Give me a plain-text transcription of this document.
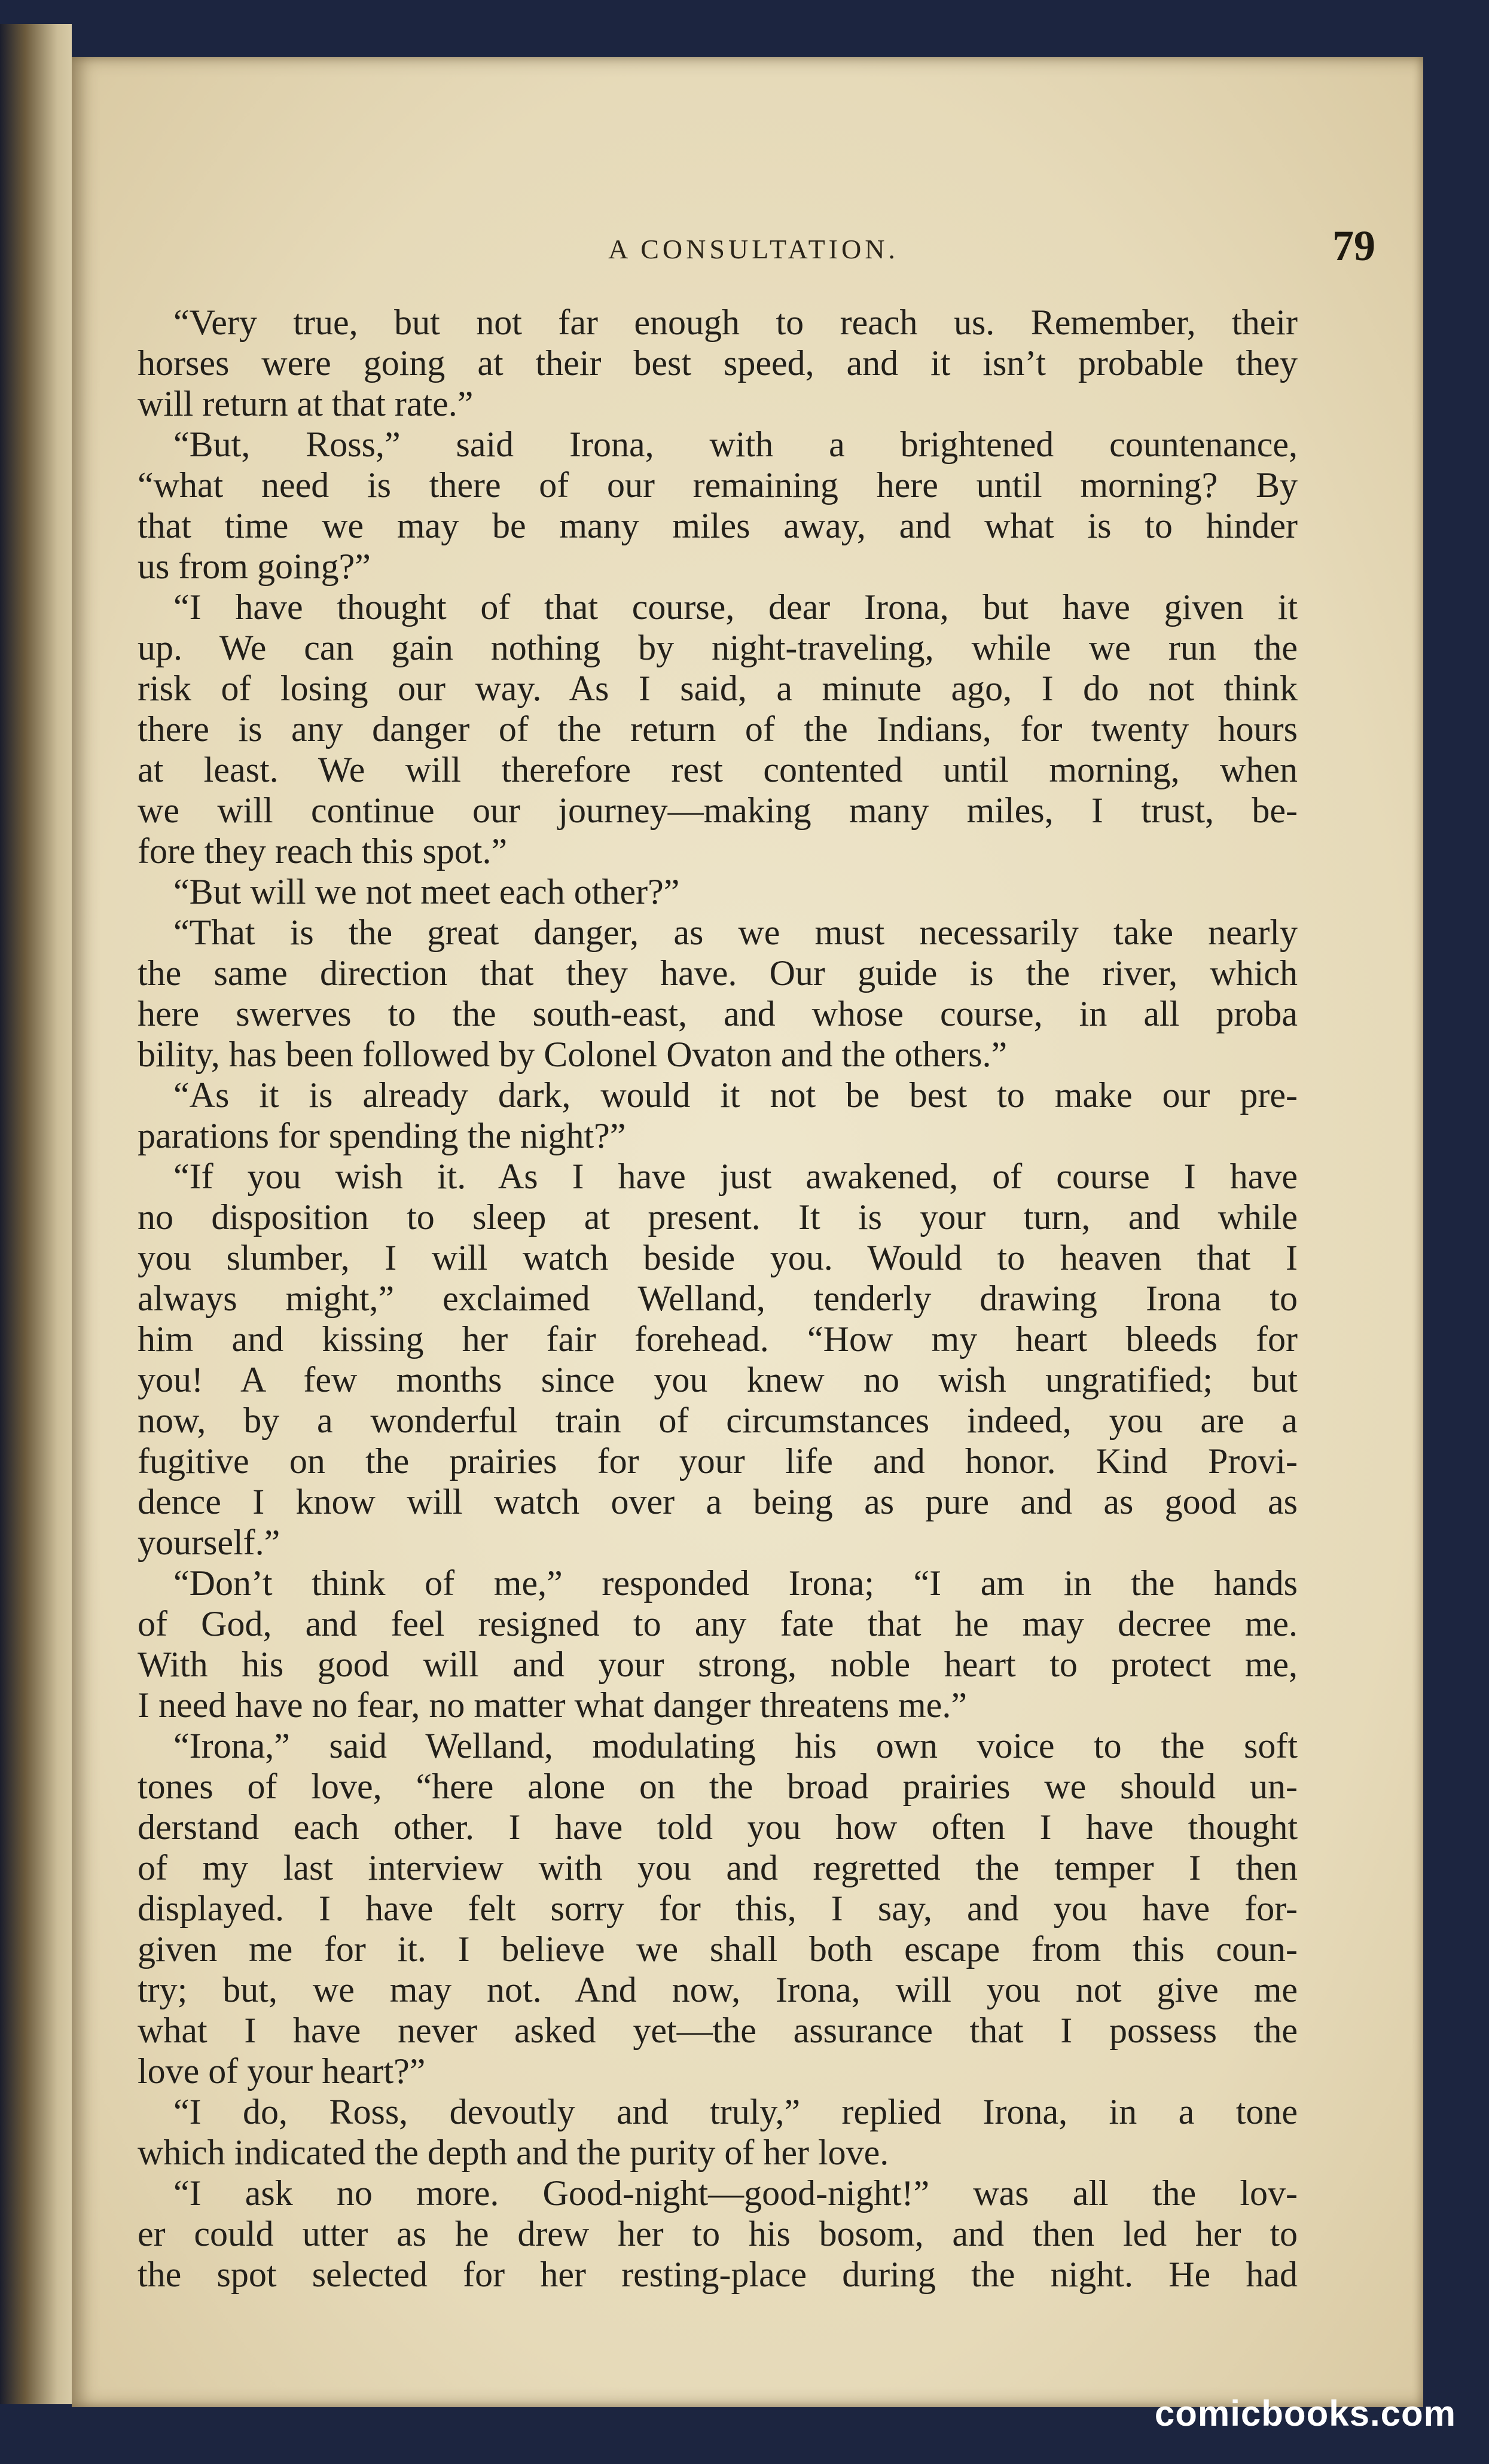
A CONSULTATION.	79
“Very true, but not far enough to reach us. Remember, their
horses were going at their best speed, and it isn’t probable they
will return at that rate.”
“But, Ross,” said Irona, with a brightened countenance,
“what need is there of our remaining here until morning? By
that time we may be many miles away, and what is to hinder
us from going?”
“I have thought of that course, dear Irona, but have given it
up. We can gain nothing by night-traveling, while we run the
risk of losing our way. As I said, a minute ago, I do not think
there is any danger of the return of the Indians, for twenty hours
at least. We will therefore rest contented until morning, when
we will continue our journey—making many miles, I trust, be-
fore they reach this spot.”
“But will we not meet each other?”
“That is the great danger, as we must necessarily take nearly
the same direction that they have. Our guide is the river, which
here swerves to the south-east, and whose course, in all proba
bility, has been followed by Colonel Ovaton and the others.”
“As it is already dark, would it not be best to make our pre-
parations for spending the night?”
“If you wish it. As I have just awakened, of course I have
no disposition to sleep at present. It is your turn, and while
you slumber, I will watch beside you. Would to heaven that I
always might,” exclaimed Welland, tenderly drawing Irona to
him and kissing her fair forehead. “How my heart bleeds for
you! A few months since you knew no wish ungratified; but
now, by a wonderful train of circumstances indeed, you are a
fugitive on the prairies for your life and honor. Kind Provi-
dence I know will watch over a being as pure and as good as
yourself.”
“Don’t think of me,” responded Irona; “I am in the hands
of God, and feel resigned to any fate that he may decree me.
With his good will and your strong, noble heart to protect me,
I need have no fear, no matter what danger threatens me.”
“Irona,” said Welland, modulating his own voice to the soft
tones of love, “here alone on the broad prairies we should un-
derstand each other. I have told you how often I have thought
of my last interview with you and regretted the temper I then
displayed. I have felt sorry for this, I say, and you have for-
given me for it. I believe we shall both escape from this coun-
try; but, we may not. And now, Irona, will you not give me
what I have never asked yet—the assurance that I possess the
love of your heart?”
“I do, Ross, devoutly and truly,” replied Irona, in a tone
which indicated the depth and the purity of her love.
“I ask no more. Good-night—good-night!” was all the lov-
er could utter as he drew her to his bosom, and then led her to
the spot selected for her resting-place during the night. He had
comicbooks.com
